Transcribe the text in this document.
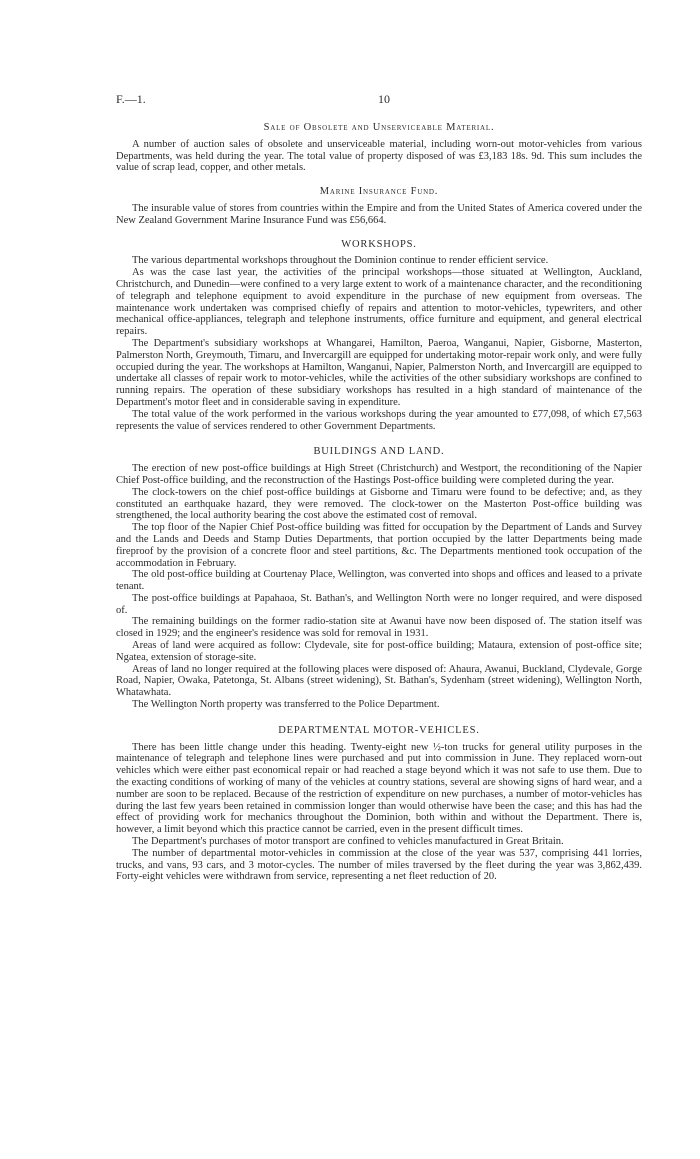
F.—1.	10
Sale of Obsolete and Unserviceable Material.

A number of auction sales of obsolete and unserviceable material, including worn-out motor-vehicles from various Departments, was held during the year. The total value of property disposed of was £3,183 18s. 9d. This sum includes the value of scrap lead, copper, and other metals.

Marine Insurance Fund.

The insurable value of stores from countries within the Empire and from the United States of America covered under the New Zealand Government Marine Insurance Fund was £56,664.

WORKSHOPS.

The various departmental workshops throughout the Dominion continue to render efficient service.

As was the case last year, the activities of the principal workshops—those situated at Wellington, Auckland, Christchurch, and Dunedin—were confined to a very large extent to work of a maintenance character, and the reconditioning of telegraph and telephone equipment to avoid expenditure in the purchase of new equipment from overseas. The maintenance work undertaken was comprised chiefly of repairs and attention to motor-vehicles, typewriters, and other mechanical office-appliances, telegraph and telephone instruments, office furniture and equipment, and general electrical repairs.

The Department's subsidiary workshops at Whangarei, Hamilton, Paeroa, Wanganui, Napier, Gisborne, Masterton, Palmerston North, Greymouth, Timaru, and Invercargill are equipped for undertaking motor-repair work only, and were fully occupied during the year. The workshops at Hamilton, Wanganui, Napier, Palmerston North, and Invercargill are equipped to undertake all classes of repair work to motor-vehicles, while the activities of the other subsidiary workshops are confined to running repairs. The operation of these subsidiary workshops has resulted in a high standard of maintenance of the Department's motor fleet and in considerable saving in expenditure.

The total value of the work performed in the various workshops during the year amounted to £77,098, of which £7,563 represents the value of services rendered to other Government Departments.

BUILDINGS AND LAND.

The erection of new post-office buildings at High Street (Christchurch) and Westport, the reconditioning of the Napier Chief Post-office building, and the reconstruction of the Hastings Post-office building were completed during the year.

The clock-towers on the chief post-office buildings at Gisborne and Timaru were found to be defective; and, as they constituted an earthquake hazard, they were removed. The clock-tower on the Masterton Post-office building was strengthened, the local authority bearing the cost above the estimated cost of removal.

The top floor of the Napier Chief Post-office building was fitted for occupation by the Department of Lands and Survey and the Lands and Deeds and Stamp Duties Departments, that portion occupied by the latter Departments being made fireproof by the provision of a concrete floor and steel partitions, &c. The Departments mentioned took occupation of the accommodation in February.

The old post-office building at Courtenay Place, Wellington, was converted into shops and offices and leased to a private tenant.

The post-office buildings at Papahaoa, St. Bathan's, and Wellington North were no longer required, and were disposed of.

The remaining buildings on the former radio-station site at Awanui have now been disposed of. The station itself was closed in 1929; and the engineer's residence was sold for removal in 1931.

Areas of land were acquired as follow: Clydevale, site for post-office building; Mataura, extension of post-office site; Ngatea, extension of storage-site.

Areas of land no longer required at the following places were disposed of: Ahaura, Awanui, Buckland, Clydevale, Gorge Road, Napier, Owaka, Patetonga, St. Albans (street widening), St. Bathan's, Sydenham (street widening), Wellington North, Whatawhata.

The Wellington North property was transferred to the Police Department.

DEPARTMENTAL MOTOR-VEHICLES.

There has been little change under this heading. Twenty-eight new ½-ton trucks for general utility purposes in the maintenance of telegraph and telephone lines were purchased and put into commission in June. They replaced worn-out vehicles which were either past economical repair or had reached a stage beyond which it was not safe to use them. Due to the exacting conditions of working of many of the vehicles at country stations, several are showing signs of hard wear, and a number are soon to be replaced. Because of the restriction of expenditure on new purchases, a number of motor-vehicles has during the last few years been retained in commission longer than would otherwise have been the case; and this has had the effect of providing work for mechanics throughout the Dominion, both within and without the Department. There is, however, a limit beyond which this practice cannot be carried, even in the present difficult times.

The Department's purchases of motor transport are confined to vehicles manufactured in Great Britain.

The number of departmental motor-vehicles in commission at the close of the year was 537, comprising 441 lorries, trucks, and vans, 93 cars, and 3 motor-cycles. The number of miles traversed by the fleet during the year was 3,862,439. Forty-eight vehicles were withdrawn from service, representing a net fleet reduction of 20.
